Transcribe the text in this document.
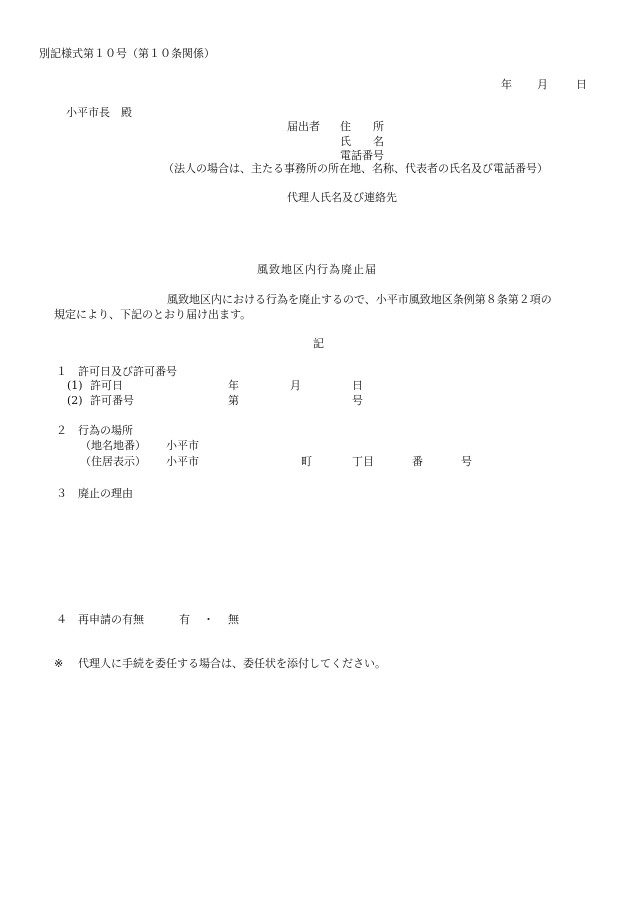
別記様式第１０号（第１０条関係）
年 月	日
小平市長　殿
届出者 住　　所
氏　　名
電話番号
（法人の場合は、主たる事務所の所在地、名称、代表者の氏名及び電話番号）
代理人氏名及び連絡先
風致地区内行為廃止届
風致地区内における行為を廃止するので、小平市風致地区条例第８条第２項の
規定により、下記のとおり届け出ます。
記
１ 許可日及び許可番号
(1) 許可日	年	月	日
(2) 許可番号	第	号
２ 行為の場所
（地名地番） 小平市
（住居表示） 小平市	町	丁目	番	号
３ 廃止の理由
４ 再申請の有無	有 ・ 無
※ 代理人に手続を委任する場合は、委任状を添付してください。
